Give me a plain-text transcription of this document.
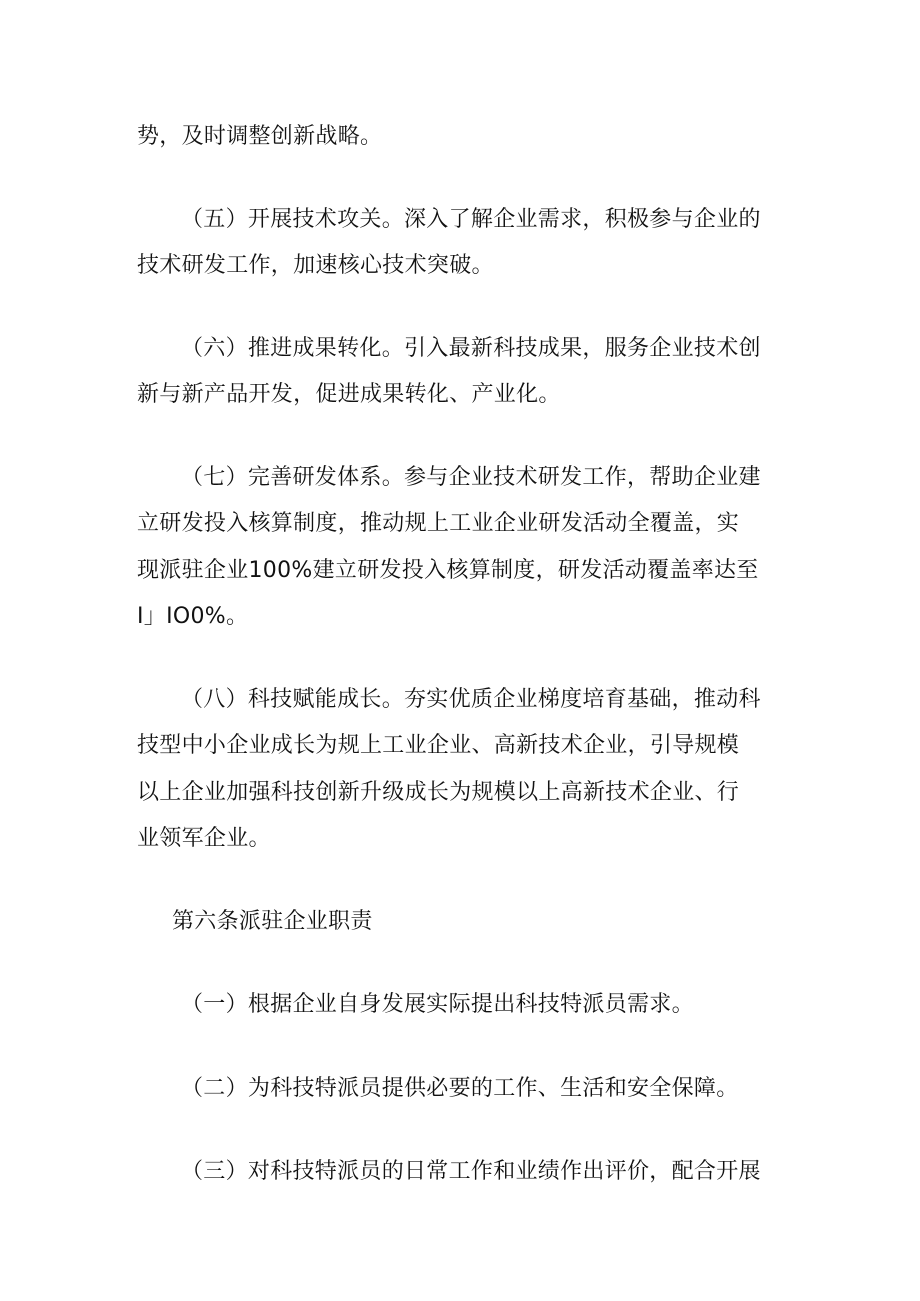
势，及时调整创新战略。
（五）开展技术攻关。深入了解企业需求，积极参与企业的
技术研发工作，加速核心技术突破。
（六）推进成果转化。引入最新科技成果，服务企业技术创
新与新产品开发，促进成果转化、产业化。
（七）完善研发体系。参与企业技术研发工作，帮助企业建
立研发投入核算制度，推动规上工业企业研发活动全覆盖，实
现派驻企业100%建立研发投入核算制度，研发活动覆盖率达至
I」IO0%。
（八）科技赋能成长。夯实优质企业梯度培育基础，推动科
技型中小企业成长为规上工业企业、高新技术企业，引导规模
以上企业加强科技创新升级成长为规模以上高新技术企业、行
业领军企业。
第六条派驻企业职责
（一）根据企业自身发展实际提出科技特派员需求。
（二）为科技特派员提供必要的工作、生活和安全保障。
（三）对科技特派员的日常工作和业绩作出评价，配合开展
